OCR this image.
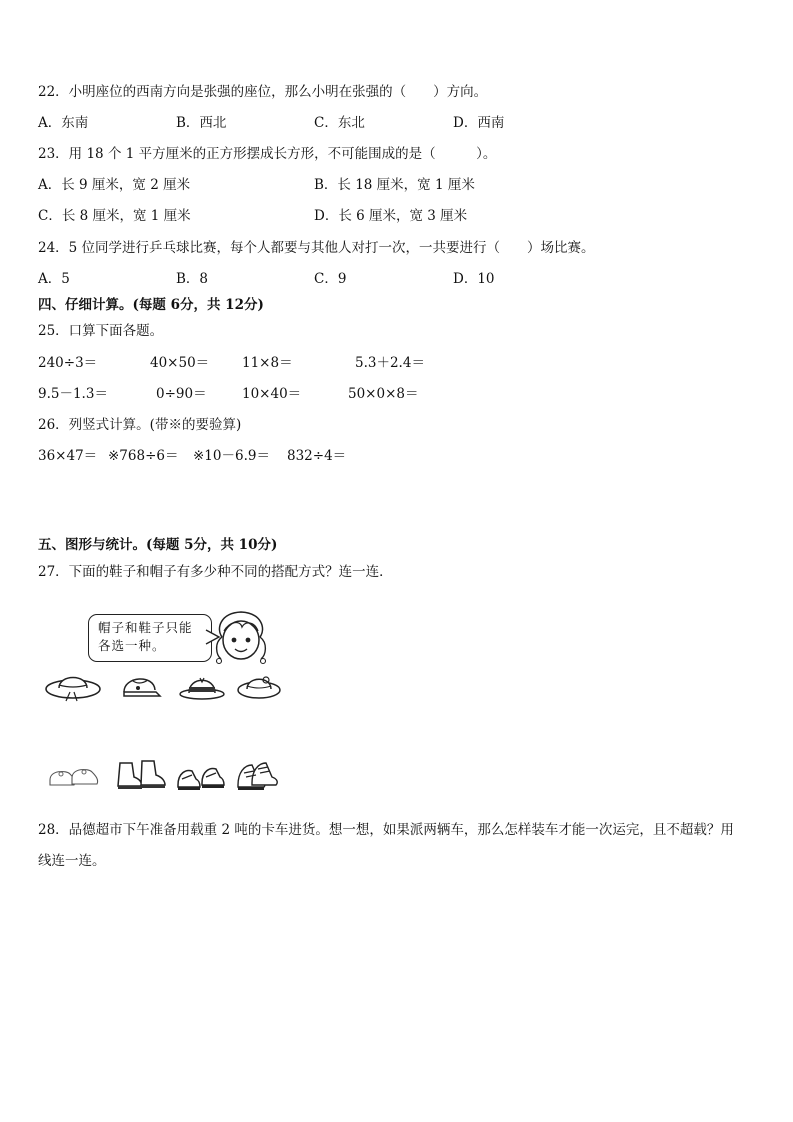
22．小明座位的西南方向是张强的座位，那么小明在张强的（　　）方向。
A．东南	B．西北	C．东北	D．西南
23．用 18 个 1 平方厘米的正方形摆成长方形，不可能围成的是（　　　）。
A．长 9 厘米，宽 2 厘米	B．长 18 厘米，宽 1 厘米
C．长 8 厘米，宽 1 厘米	D．长 6 厘米，宽 3 厘米
24．5 位同学进行乒乓球比赛，每个人都要与其他人对打一次，一共要进行（　　）场比赛。
A．5	B．8	C．9	D．10
四、仔细计算。(每题 6分，共 12分)
25．口算下面各题。
240÷3＝	40×50＝ 11×8＝	5.3＋2.4＝
9.5－1.3＝	0÷90＝	10×40＝	50×0×8＝
26．列竖式计算。(带※的要验算)
36×47＝ ※768÷6＝ ※10－6.9＝ 832÷4＝
五、图形与统计。(每题 5分，共 10分)
27．下面的鞋子和帽子有多少种不同的搭配方式？连一连．
帽子和鞋子只能
各选一种。
28．品德超市下午准备用载重 2 吨的卡车进货。想一想，如果派两辆车，那么怎样装车才能一次运完，且不超载？用
线连一连。
